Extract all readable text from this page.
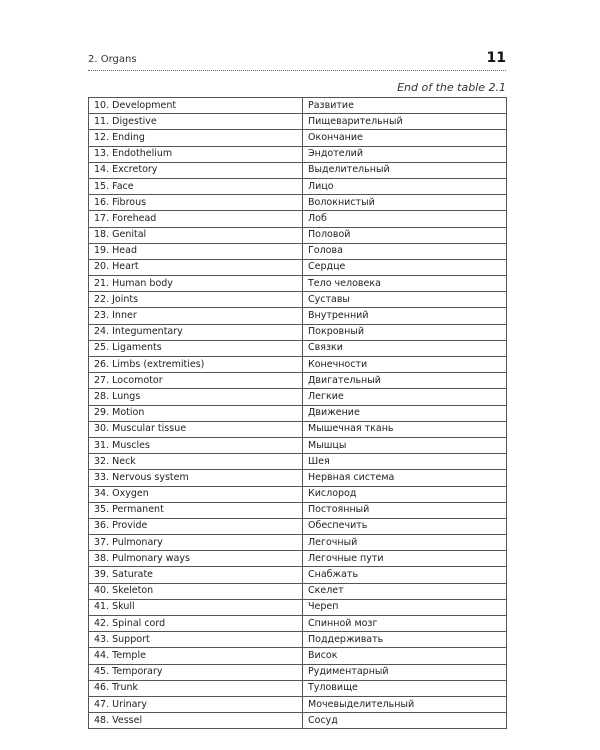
2. Organs	11
End of the table 2.1
10. Development	Развитие
11. Digestive	Пищеварительный
12. Ending	Окончание
13. Endothelium	Эндотелий
14. Excretory	Выделительный
15. Face	Лицо
16. Fibrous	Волокнистый
17. Forehead	Лоб
18. Genital	Половой
19. Head	Голова
20. Heart	Сердце
21. Human body	Тело человека
22. Joints	Суставы
23. Inner	Внутренний
24. Integumentary	Покровный
25. Ligaments	Связки
26. Limbs (extremities)	Конечности
27. Locomotor	Двигательный
28. Lungs	Легкие
29. Motion	Движение
30. Muscular tissue	Мышечная ткань
31. Muscles	Мышцы
32. Neck	Шея
33. Nervous system	Нервная система
34. Oxygen	Кислород
35. Permanent	Постоянный
36. Provide	Обеспечить
37. Pulmonary	Легочный
38. Pulmonary ways	Легочные пути
39. Saturate	Снабжать
40. Skeleton	Скелет
41. Skull	Череп
42. Spinal cord	Спинной мозг
43. Support	Поддерживать
44. Temple	Висок
45. Temporary	Рудиментарный
46. Trunk	Туловище
47. Urinary	Мочевыделительный
48. Vessel	Сосуд
